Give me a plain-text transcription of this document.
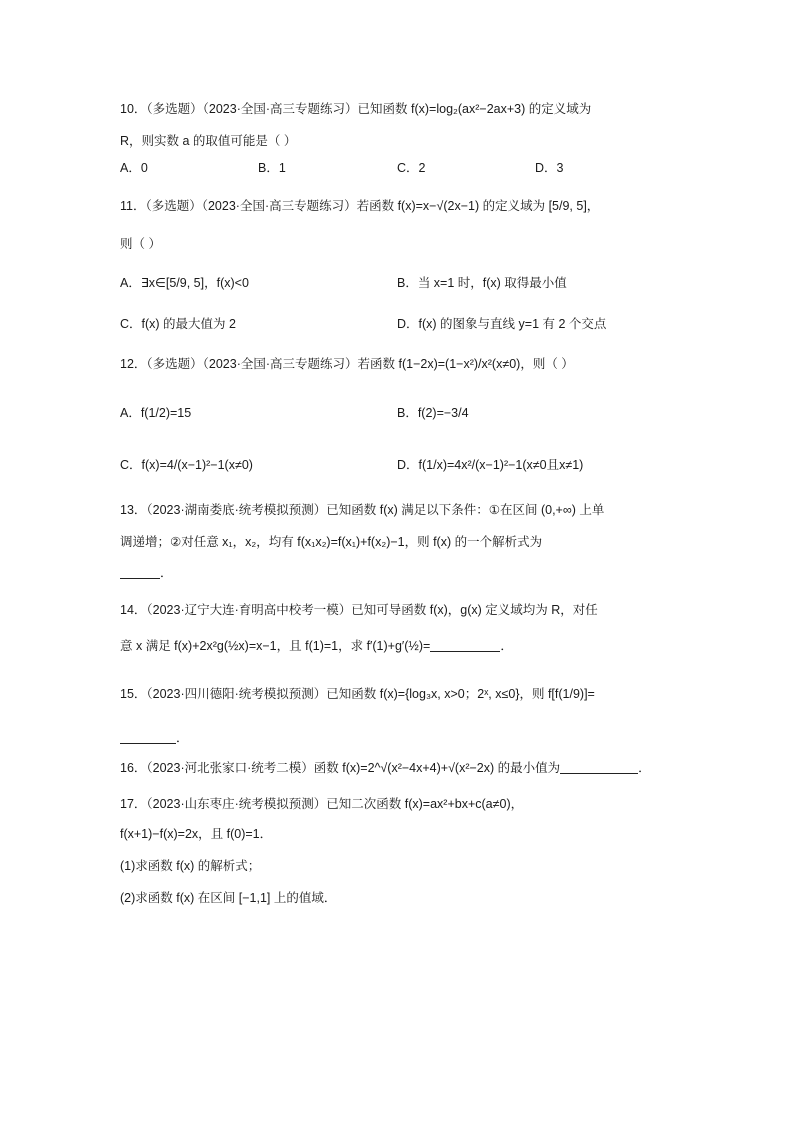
10．（多选题）（2023·全国·高三专题练习）已知函数 f(x)=log₂(ax²−2ax+3) 的定义域为
R，则实数 a 的取值可能是（ ）
A．0	B．1	C．2	D．3
11．（多选题）（2023·全国·高三专题练习）若函数 f(x)=x−√(2x−1) 的定义域为 [5/9, 5]，
则（ ）
A．∃x∈[5/9, 5]，f(x)<0	B．当 x=1 时，f(x) 取得最小值
C．f(x) 的最大值为 2	D．f(x) 的图象与直线 y=1 有 2 个交点
12．（多选题）（2023·全国·高三专题练习）若函数 f(1−2x)=(1−x²)/x²(x≠0)，则（ ）
A．f(1/2)=15	B．f(2)=−3/4
C．f(x)=4/(x−1)²−1(x≠0)	D．f(1/x)=4x²/(x−1)²−1(x≠0且x≠1)
13．（2023·湖南娄底·统考模拟预测）已知函数 f(x) 满足以下条件：①在区间 (0,+∞) 上单
调递增；②对任意 x₁，x₂，均有 f(x₁x₂)=f(x₁)+f(x₂)−1，则 f(x) 的一个解析式为
．
14．（2023·辽宁大连·育明高中校考一模）已知可导函数 f(x)，g(x) 定义域均为 R，对任
意 x 满足 f(x)+2x²g(½x)=x−1，且 f(1)=1，求 f′(1)+g′(½)=	．
15．（2023·四川德阳·统考模拟预测）已知函数 f(x)={log₃x, x>0；2ˣ, x≤0}，则 f[f(1/9)]=
．
16．（2023·河北张家口·统考二模）函数 f(x)=2^√(x²−4x+4)+√(x²−2x) 的最小值为	．
17．（2023·山东枣庄·统考模拟预测）已知二次函数 f(x)=ax²+bx+c(a≠0)，
f(x+1)−f(x)=2x，且 f(0)=1．
(1)求函数 f(x) 的解析式；
(2)求函数 f(x) 在区间 [−1,1] 上的值域．
